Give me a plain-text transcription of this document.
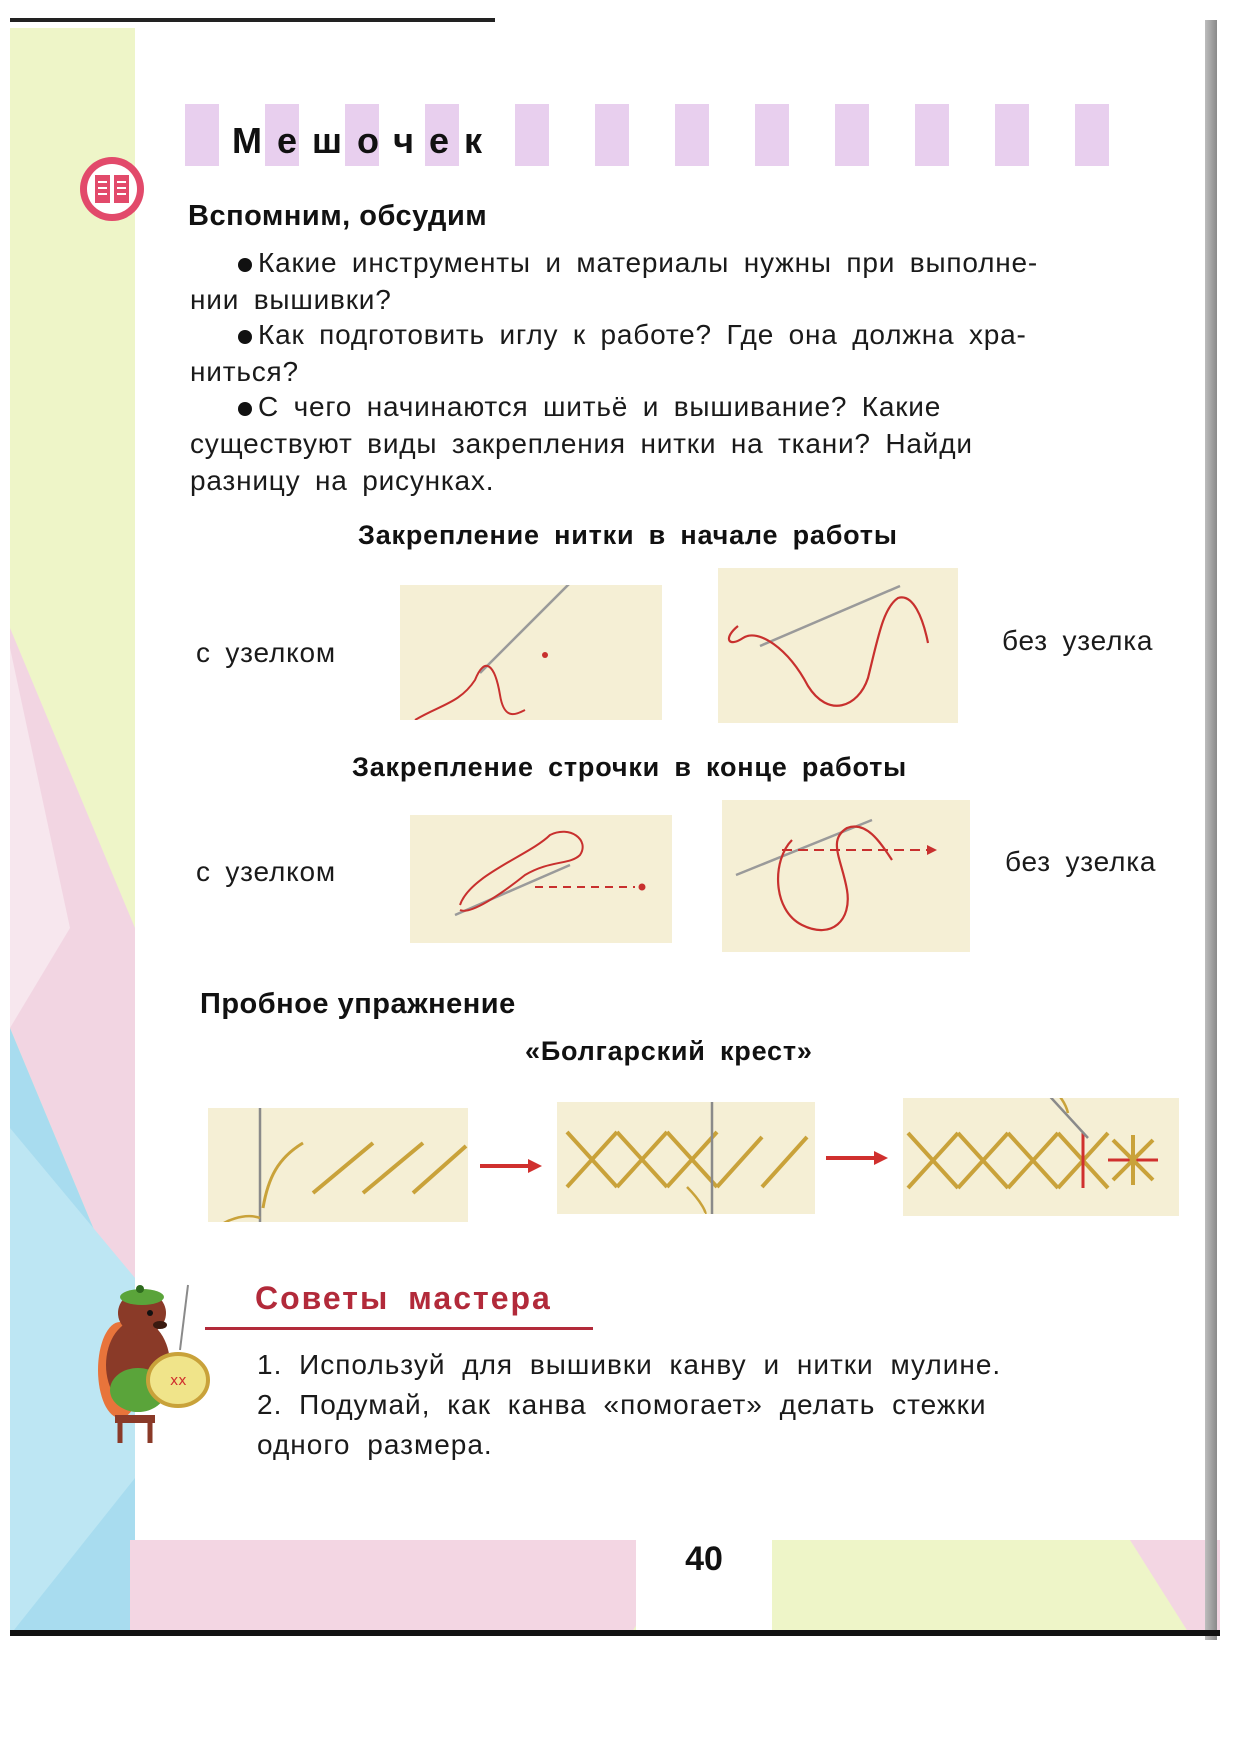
Мешочек
Вспомним, обсудим
Какие инструменты и материалы нужны при выполне-
нии вышивки?
Как подготовить иглу к работе? Где она должна хра-
ниться?
С чего начинаются шитьё и вышивание? Какие
существуют виды закрепления нитки на ткани? Найди
разницу на рисунках.
Закрепление нитки в начале работы
с узелком	без узелка
Закрепление строчки в конце работы
с узелком	без узелка
Пробное упражнение
«Болгарский крест»
xx
Советы мастера
1. Используй для вышивки канву и нитки мулине.
2. Подумай, как канва «помогает» делать стежки
одного размера.
40
